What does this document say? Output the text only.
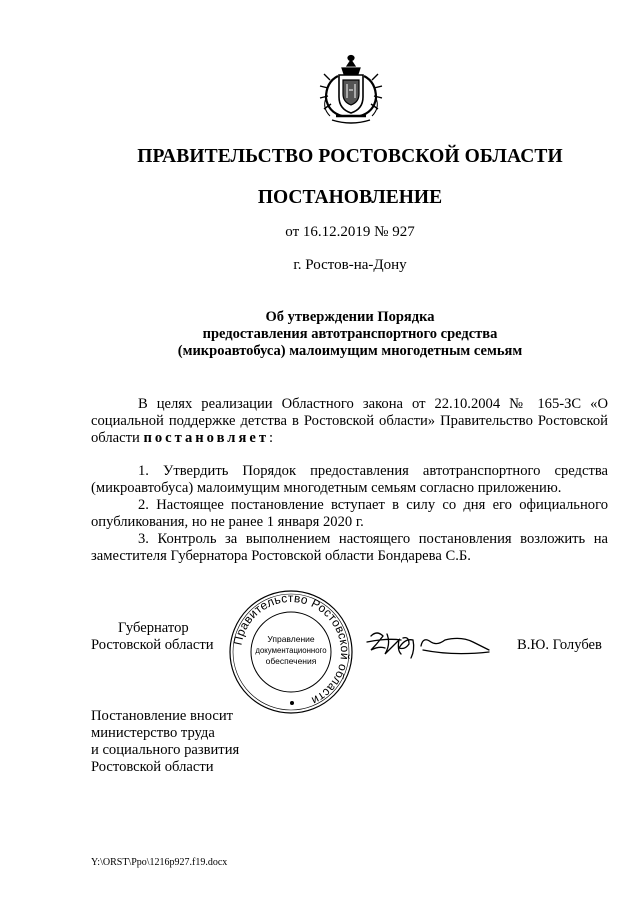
ПРАВИТЕЛЬСТВО РОСТОВСКОЙ ОБЛАСТИ
ПОСТАНОВЛЕНИЕ
от 16.12.2019 № 927
г. Ростов-на-Дону
Об утверждении Порядка
предоставления автотранспортного средства
(микроавтобуса) малоимущим многодетным семьям
В целях реализации Областного закона от 22.10.2004 № 165-ЗС «О социальной поддержке детства в Ростовской области» Правительство Ростовской области постановляет:

1. Утвердить Порядок предоставления автотранспортного средства (микроавтобуса) малоимущим многодетным семьям согласно приложению.

2. Настоящее постановление вступает в силу со дня его официального опубликования, но не ранее 1 января 2020 г.

3. Контроль за выполнением настоящего постановления возложить на заместителя Губернатора Ростовской области Бондарева С.Б.

Губернатор
Ростовской области Правительство Ростовской области
Управление
документационного
обеспечения
В.Ю. Голубев
Постановление вносит
министерство труда
и социального развития
Ростовской области
Y:\ORST\Ppo\1216p927.f19.docx
